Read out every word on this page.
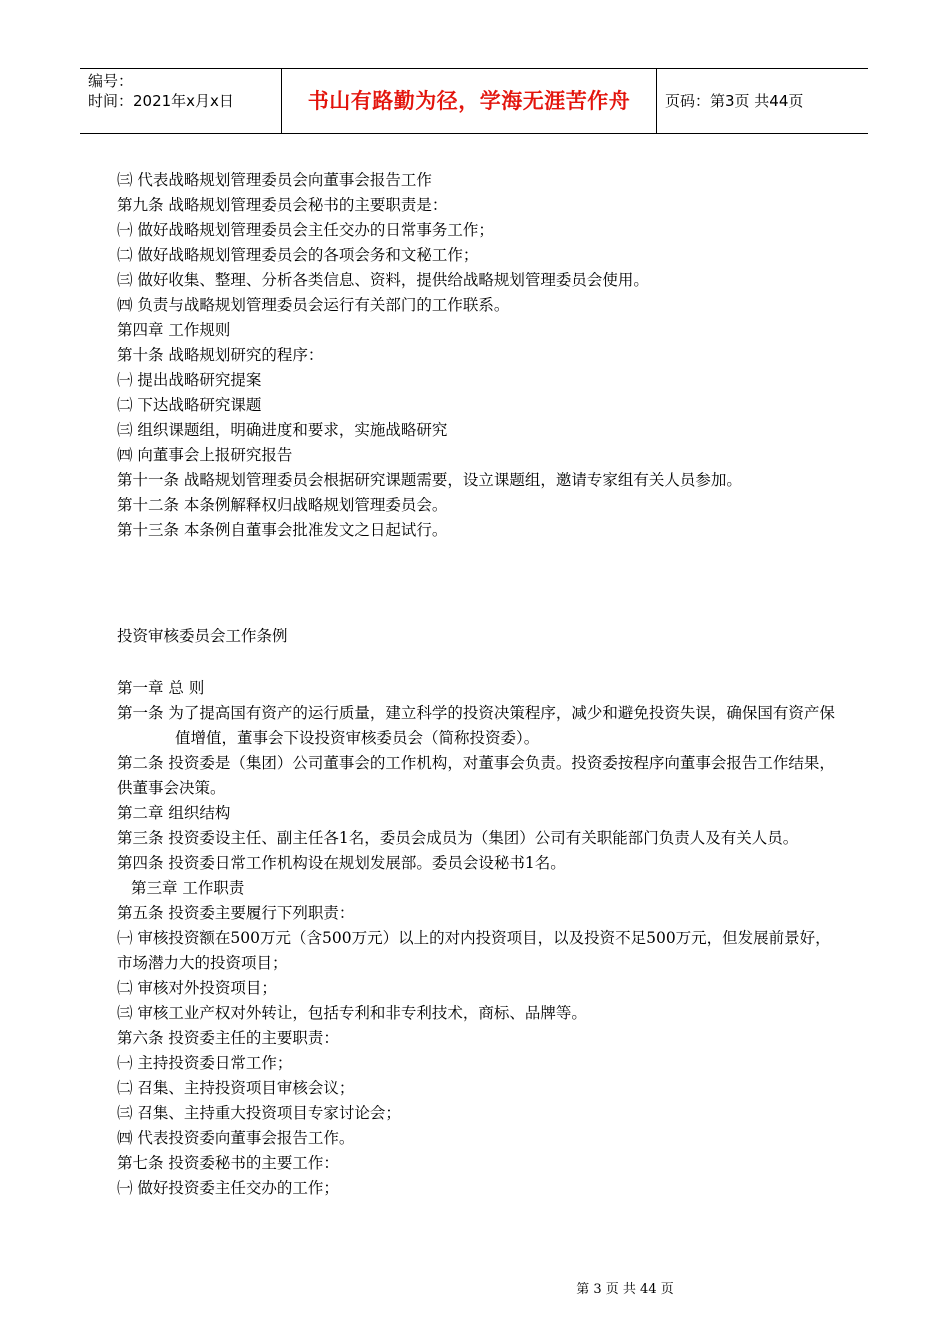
编号：
时间：2021年x月x日	书山有路勤为径，学海无涯苦作舟	页码：第3页 共44页
㈢ 代表战略规划管理委员会向董事会报告工作
第九条 战略规划管理委员会秘书的主要职责是：
㈠ 做好战略规划管理委员会主任交办的日常事务工作；
㈡ 做好战略规划管理委员会的各项会务和文秘工作；
㈢ 做好收集、整理、分析各类信息、资料，提供给战略规划管理委员会使用。
㈣ 负责与战略规划管理委员会运行有关部门的工作联系。
第四章 工作规则
第十条 战略规划研究的程序：
㈠ 提出战略研究提案
㈡ 下达战略研究课题
㈢ 组织课题组，明确进度和要求，实施战略研究
㈣ 向董事会上报研究报告
第十一条 战略规划管理委员会根据研究课题需要，设立课题组，邀请专家组有关人员参加。
第十二条 本条例解释权归战略规划管理委员会。
第十三条 本条例自董事会批准发文之日起试行。
投资审核委员会工作条例
第一章 总 则
第一条 为了提高国有资产的运行质量，建立科学的投资决策程序，减少和避免投资失误，确保国有资产保值增值，董事会下设投资审核委员会（简称投资委）。
第二条 投资委是（集团）公司董事会的工作机构，对董事会负责。投资委按程序向董事会报告工作结果，供董事会决策。
第二章 组织结构
第三条 投资委设主任、副主任各1名，委员会成员为（集团）公司有关职能部门负责人及有关人员。
第四条 投资委日常工作机构设在规划发展部。委员会设秘书1名。
第三章 工作职责
第五条 投资委主要履行下列职责：
㈠ 审核投资额在500万元（含500万元）以上的对内投资项目，以及投资不足500万元，但发展前景好，市场潜力大的投资项目；
㈡ 审核对外投资项目；
㈢ 审核工业产权对外转让，包括专利和非专利技术，商标、品牌等。
第六条 投资委主任的主要职责：
㈠ 主持投资委日常工作；
㈡ 召集、主持投资项目审核会议；
㈢ 召集、主持重大投资项目专家讨论会；
㈣ 代表投资委向董事会报告工作。
第七条 投资委秘书的主要工作：
㈠ 做好投资委主任交办的工作；
第 3 页 共 44 页
